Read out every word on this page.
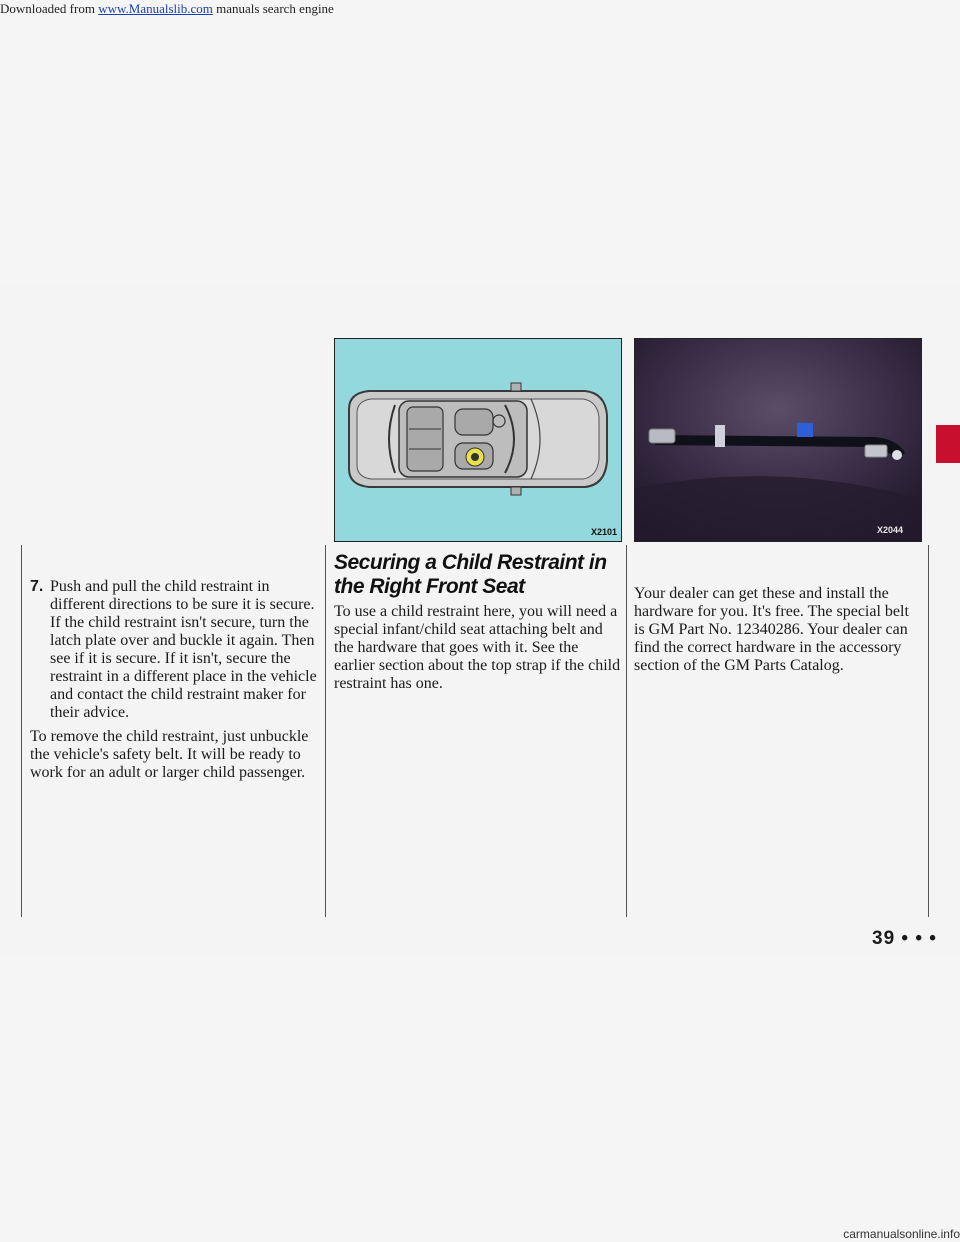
Downloaded from www.Manualslib.com manuals search engine
X2101	X2044
7. Push and pull the child restraint in different directions to be sure it is secure. If the child restraint isn't secure, turn the latch plate over and buckle it again. Then see if it is secure. If it isn't, secure the restraint in a different place in the vehicle and contact the child restraint maker for their advice.

To remove the child restraint, just unbuckle the vehicle's safety belt. It will be ready to work for an adult or larger child passenger.

Securing a Child Restraint in the Right Front Seat

To use a child restraint here, you will need a special infant/child seat attaching belt and the hardware that goes with it. See the earlier section about the top strap if the child restraint has one.

Your dealer can get these and install the hardware for you. It's free. The special belt is GM Part No. 12340286. Your dealer can find the correct hardware in the accessory section of the GM Parts Catalog.

39 • • •
carmanualsonline.info
